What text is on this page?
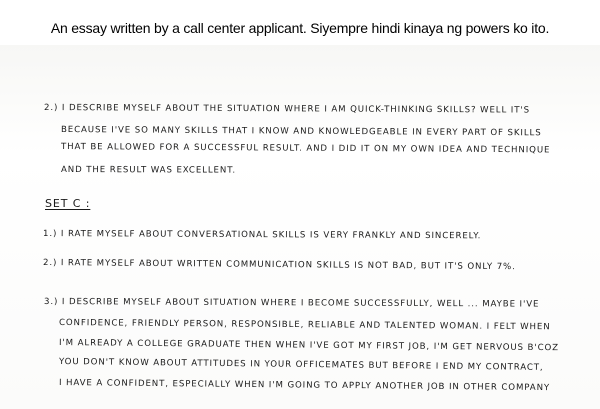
An essay written by a call center applicant. Siyempre hindi kinaya ng powers ko ito.
2.) I DESCRIBE MYSELF ABOUT THE SITUATION WHERE I AM QUICK-THINKING SKILLS? WELL IT'S
BECAUSE I'VE SO MANY SKILLS THAT I KNOW AND KNOWLEDGEABLE IN EVERY PART OF SKILLS
THAT BE ALLOWED FOR A SUCCESSFUL RESULT. AND I DID IT ON MY OWN IDEA AND TECHNIQUE
AND THE RESULT WAS EXCELLENT.
SET C :
1.) I RATE MYSELF ABOUT CONVERSATIONAL SKILLS IS VERY FRANKLY AND SINCERELY.
2.) I RATE MYSELF ABOUT WRITTEN COMMUNICATION SKILLS IS NOT BAD, BUT IT'S ONLY 7%.
3.) I DESCRIBE MYSELF ABOUT SITUATION WHERE I BECOME SUCCESSFULLY, WELL ... MAYBE I'VE
CONFIDENCE, FRIENDLY PERSON, RESPONSIBLE, RELIABLE AND TALENTED WOMAN. I FELT WHEN
I'M ALREADY A COLLEGE GRADUATE THEN WHEN I'VE GOT MY FIRST JOB, I'M GET NERVOUS B'COZ
YOU DON'T KNOW ABOUT ATTITUDES IN YOUR OFFICEMATES BUT BEFORE I END MY CONTRACT,
I HAVE A CONFIDENT, ESPECIALLY WHEN I'M GOING TO APPLY ANOTHER JOB IN OTHER COMPANY
